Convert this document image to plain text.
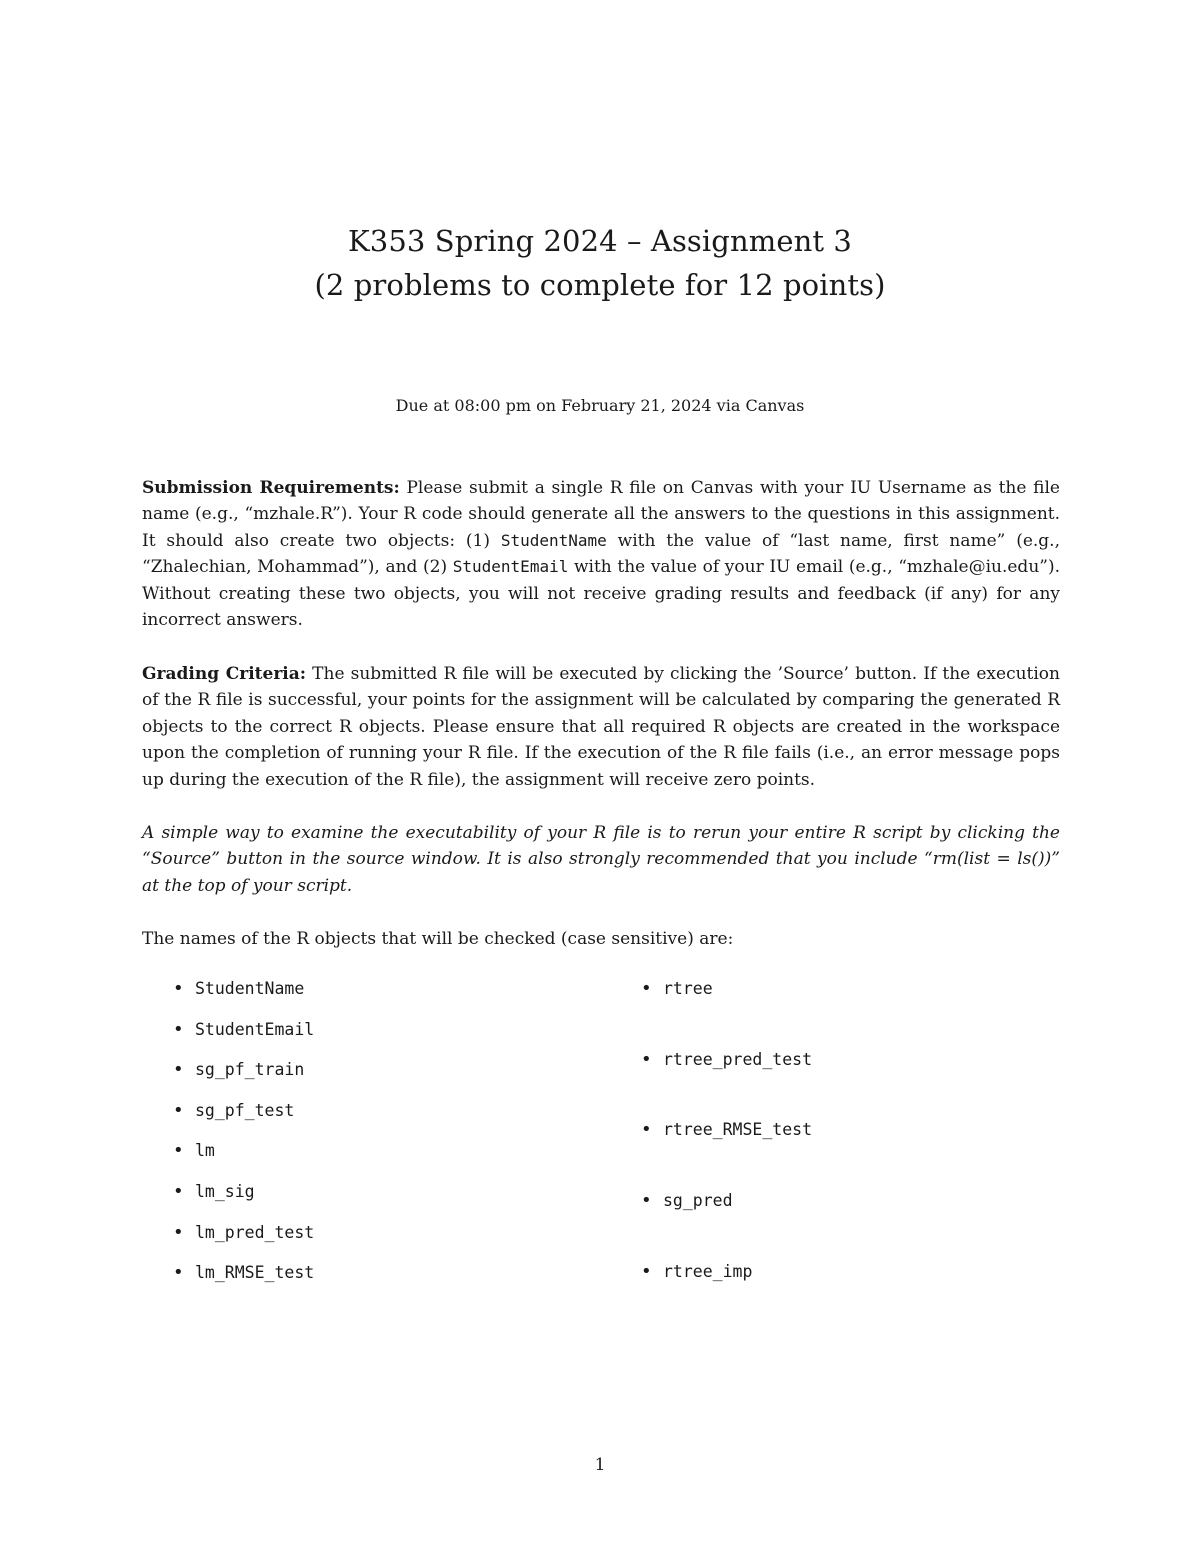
K353 Spring 2024 – Assignment 3
(2 problems to complete for 12 points)
Due at 08:00 pm on February 21, 2024 via Canvas
Submission Requirements: Please submit a single R file on Canvas with your IU Username as the file name (e.g., “mzhale.R”). Your R code should generate all the answers to the questions in this assignment. It should also create two objects: (1) StudentName with the value of “last name, first name” (e.g., “Zhalechian, Mohammad”), and (2) StudentEmail with the value of your IU email (e.g., “mzhale@iu.edu”). Without creating these two objects, you will not receive grading results and feedback (if any) for any incorrect answers.
Grading Criteria: The submitted R file will be executed by clicking the ’Source’ button. If the execution of the R file is successful, your points for the assignment will be calculated by comparing the generated R objects to the correct R objects. Please ensure that all required R objects are created in the workspace upon the completion of running your R file. If the execution of the R file fails (i.e., an error message pops up during the execution of the R file), the assignment will receive zero points.
A simple way to examine the executability of your R file is to rerun your entire R script by clicking the “Source” button in the source window. It is also strongly recommended that you include “rm(list = ls())” at the top of your script.
The names of the R objects that will be checked (case sensitive) are:
• StudentName
• StudentEmail
• sg_pf_train
• sg_pf_test
• lm
• lm_sig
• lm_pred_test
• lm_RMSE_test
• rtree
• rtree_pred_test
• rtree_RMSE_test
• sg_pred
• rtree_imp
1
